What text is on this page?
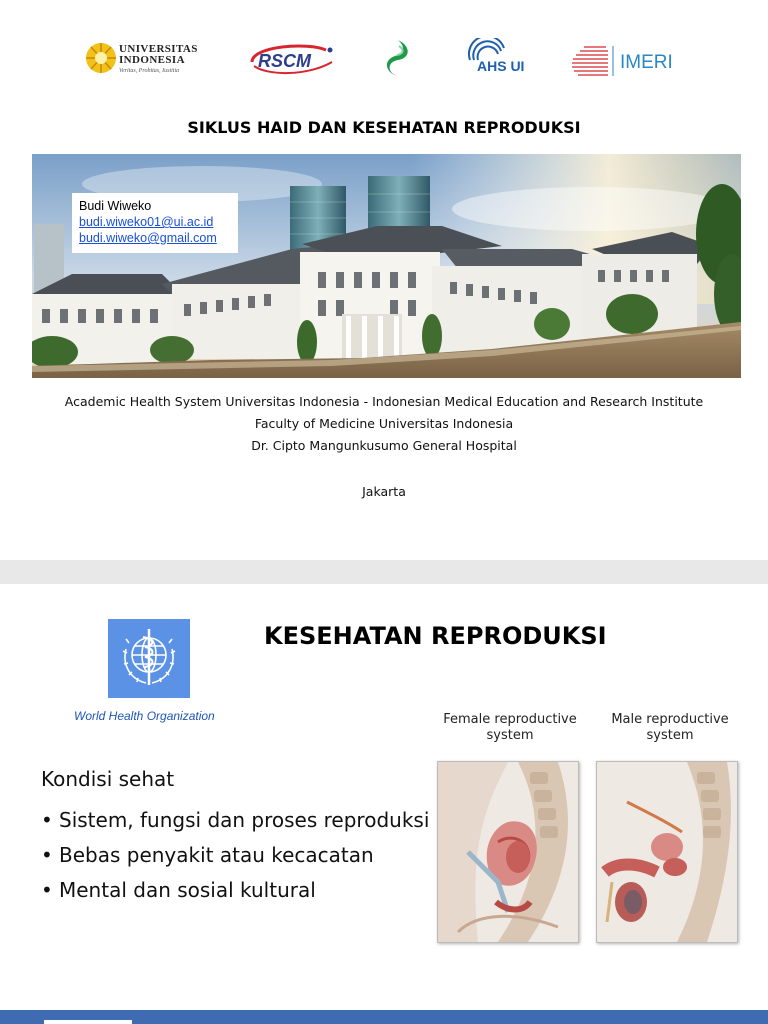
UNIVERSITAS
INDONESIA
Veritas, Probitas, Iustitia	RSCM	AHS UI	IMERI
SIKLUS HAID DAN KESEHATAN REPRODUKSI
Budi Wiweko
budi.wiweko01@ui.ac.id
budi.wiweko@gmail.com
Academic Health System Universitas Indonesia - Indonesian Medical Education and Research Institute
Faculty of Medicine Universitas Indonesia
Dr. Cipto Mangunkusumo General Hospital
Jakarta
World Health Organization
KESEHATAN REPRODUKSI
Female reproductive
system
Male reproductive
system
Kondisi sehat
• Sistem, fungsi dan proses reproduksi
• Bebas penyakit atau kecacatan
• Mental dan sosial kultural
